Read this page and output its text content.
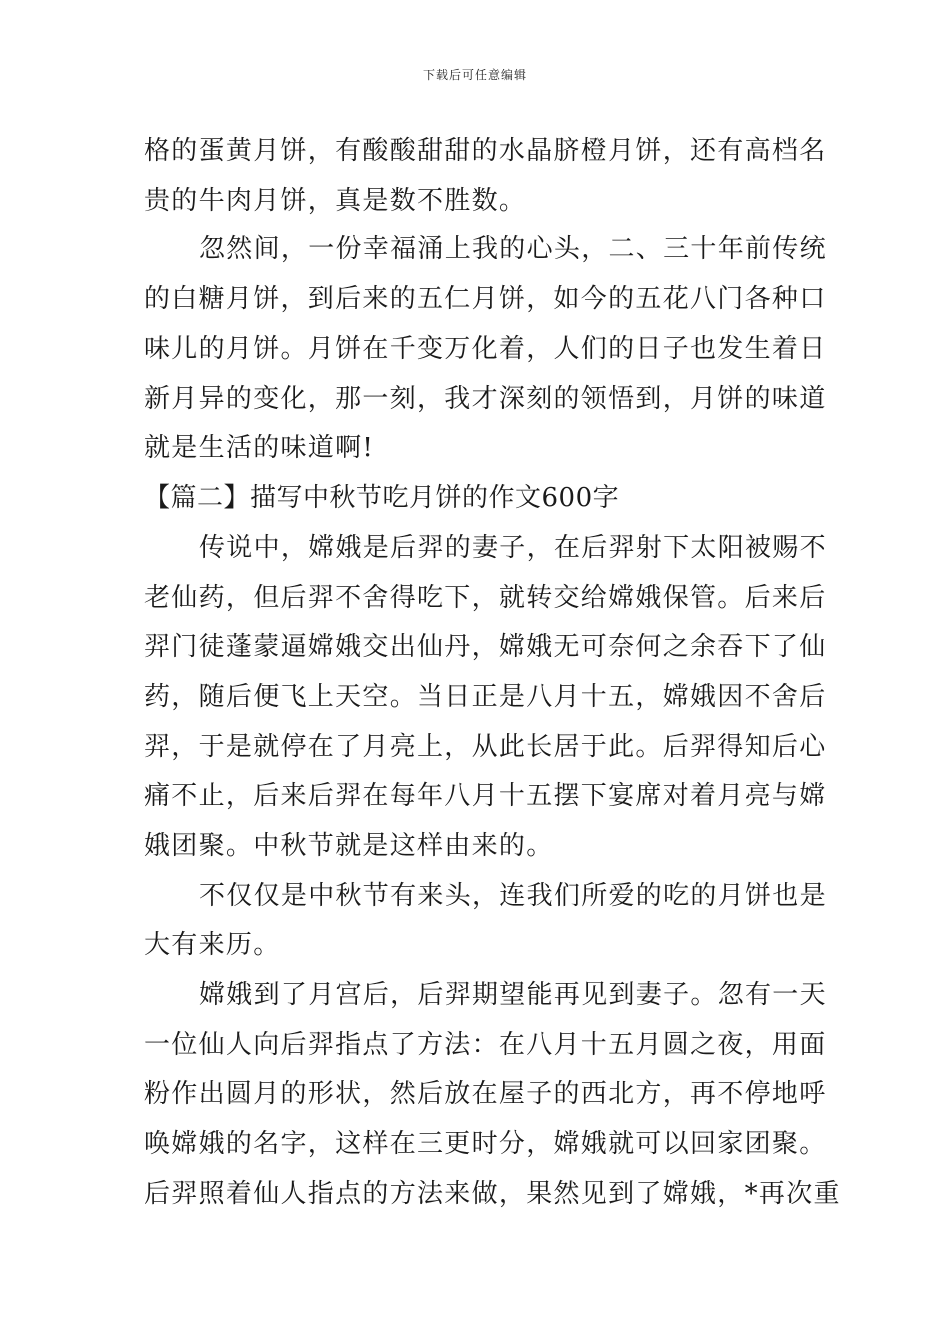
下载后可任意编辑
格的蛋黄月饼，有酸酸甜甜的水晶脐橙月饼，还有高档名
贵的牛肉月饼，真是数不胜数。
忽然间，一份幸福涌上我的心头，二、三十年前传统
的白糖月饼，到后来的五仁月饼，如今的五花八门各种口
味儿的月饼。月饼在千变万化着，人们的日子也发生着日
新月异的变化，那一刻，我才深刻的领悟到，月饼的味道
就是生活的味道啊!
【篇二】描写中秋节吃月饼的作文600字
传说中，嫦娥是后羿的妻子，在后羿射下太阳被赐不
老仙药，但后羿不舍得吃下，就转交给嫦娥保管。后来后
羿门徒蓬蒙逼嫦娥交出仙丹，嫦娥无可奈何之余吞下了仙
药，随后便飞上天空。当日正是八月十五，嫦娥因不舍后
羿，于是就停在了月亮上，从此长居于此。后羿得知后心
痛不止，后来后羿在每年八月十五摆下宴席对着月亮与嫦
娥团聚。中秋节就是这样由来的。
不仅仅是中秋节有来头，连我们所爱的吃的月饼也是
大有来历。
嫦娥到了月宫后，后羿期望能再见到妻子。忽有一天
一位仙人向后羿指点了方法：在八月十五月圆之夜，用面
粉作出圆月的形状，然后放在屋子的西北方，再不停地呼
唤嫦娥的名字，这样在三更时分，嫦娥就可以回家团聚。
后羿照着仙人指点的方法来做，果然见到了嫦娥，*再次重
